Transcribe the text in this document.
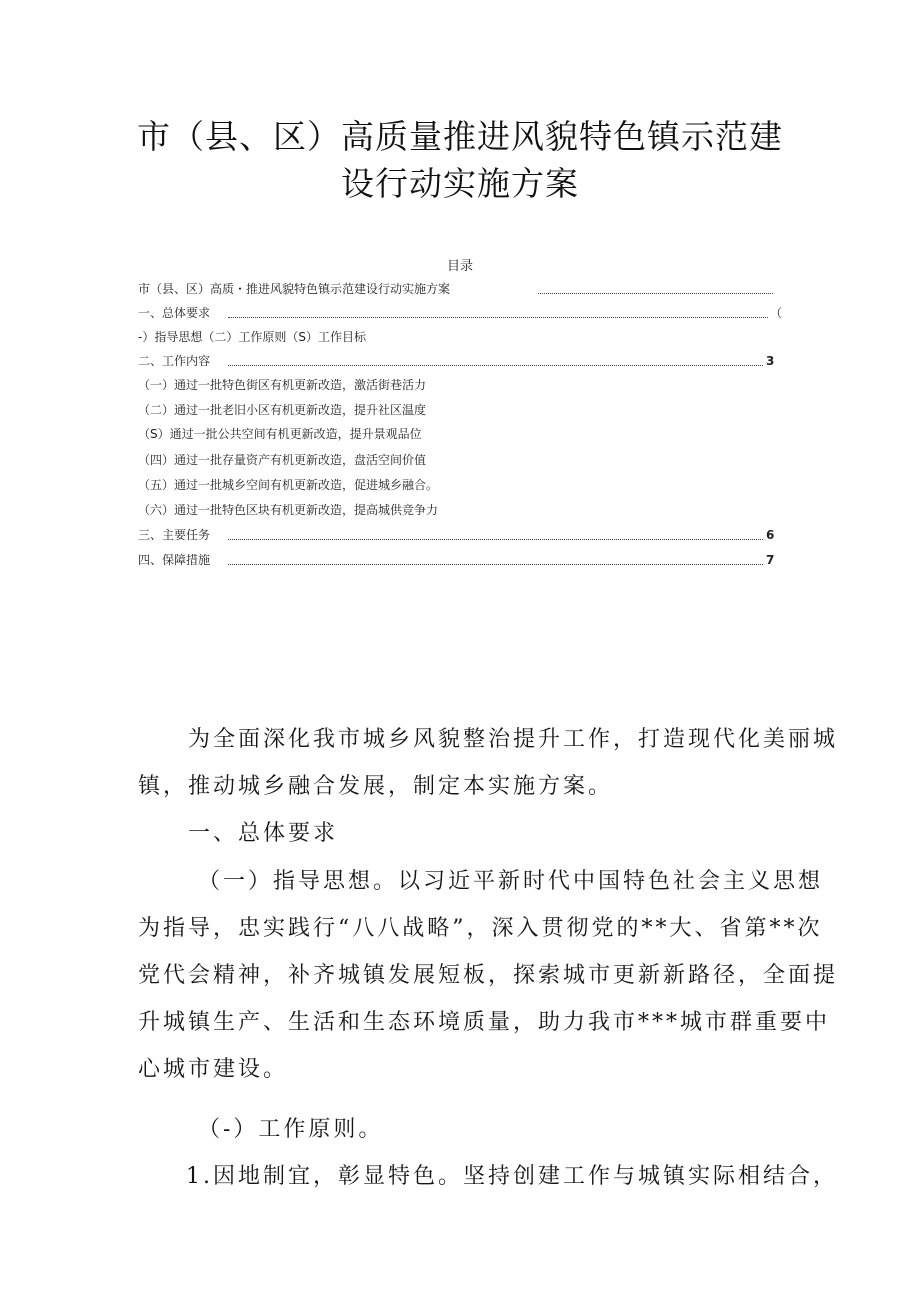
市（县、区）高质量推进风貌特色镇示范建
设行动实施方案
目录
市（县、区）高质・推进风貌特色镇示范建设行动实施方案
一、总体要求	（
-）指导思想（二）工作原则（S）工作目标
二、工作内容	3
（一）通过一批特色街区有机更新改造，激活街巷活力
（二）通过一批老旧小区有机更新改造，提升社区温度
（S）通过一批公共空间有机更新改造，提升景观品位
（四）通过一批存量资产有机更新改造，盘活空间价值
（五）通过一批城乡空间有机更新改造，促进城乡融合。
（六）通过一批特色区块有机更新改造，提高城供竞争力
三、主要任务	6
四、保障措施	7
为全面深化我市城乡风貌整治提升工作，打造现代化美丽城
镇，推动城乡融合发展，制定本实施方案。
一、总体要求
（一）指导思想。以习近平新时代中国特色社会主义思想
为指导，忠实践行“八八战略”，深入贯彻党的**大、省第**次
党代会精神，补齐城镇发展短板，探索城市更新新路径，全面提
升城镇生产、生活和生态环境质量，助力我市***城市群重要中
心城市建设。
（-）工作原则。
1.因地制宜，彰显特色。坚持创建工作与城镇实际相结合，
